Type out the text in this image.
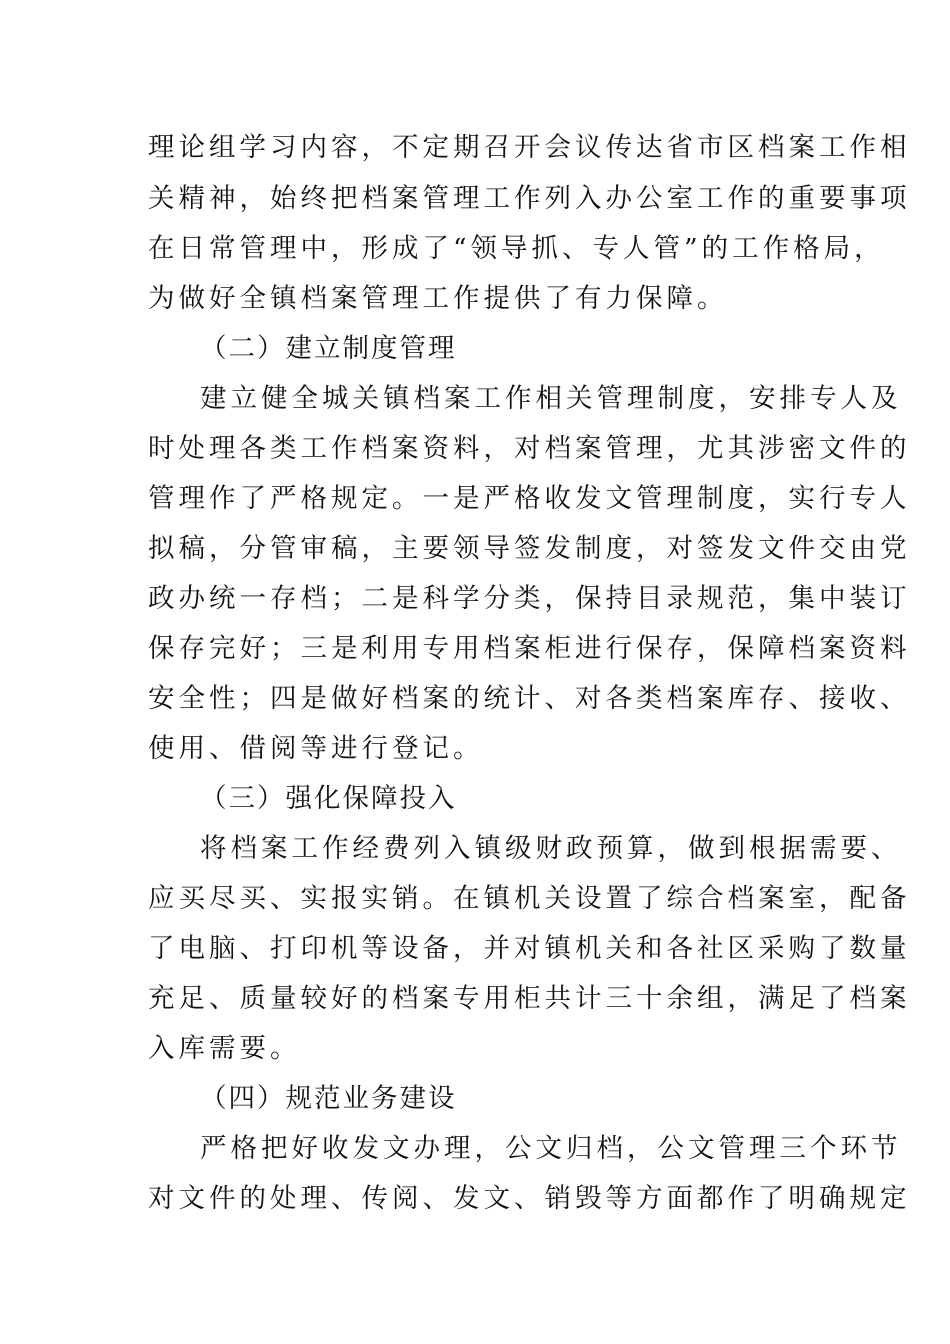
理论组学习内容，不定期召开会议传达省市区档案工作相
关精神，始终把档案管理工作列入办公室工作的重要事项
在日常管理中，形成了“领导抓、专人管”的工作格局，
为做好全镇档案管理工作提供了有力保障。
（二）建立制度管理
建立健全城关镇档案工作相关管理制度，安排专人及
时处理各类工作档案资料，对档案管理，尤其涉密文件的
管理作了严格规定。一是严格收发文管理制度，实行专人
拟稿，分管审稿，主要领导签发制度，对签发文件交由党
政办统一存档；二是科学分类，保持目录规范，集中装订
保存完好；三是利用专用档案柜进行保存，保障档案资料
安全性；四是做好档案的统计、对各类档案库存、接收、
使用、借阅等进行登记。
（三）强化保障投入
将档案工作经费列入镇级财政预算，做到根据需要、
应买尽买、实报实销。在镇机关设置了综合档案室，配备
了电脑、打印机等设备，并对镇机关和各社区采购了数量
充足、质量较好的档案专用柜共计三十余组，满足了档案
入库需要。
（四）规范业务建设
严格把好收发文办理，公文归档，公文管理三个环节
对文件的处理、传阅、发文、销毁等方面都作了明确规定
